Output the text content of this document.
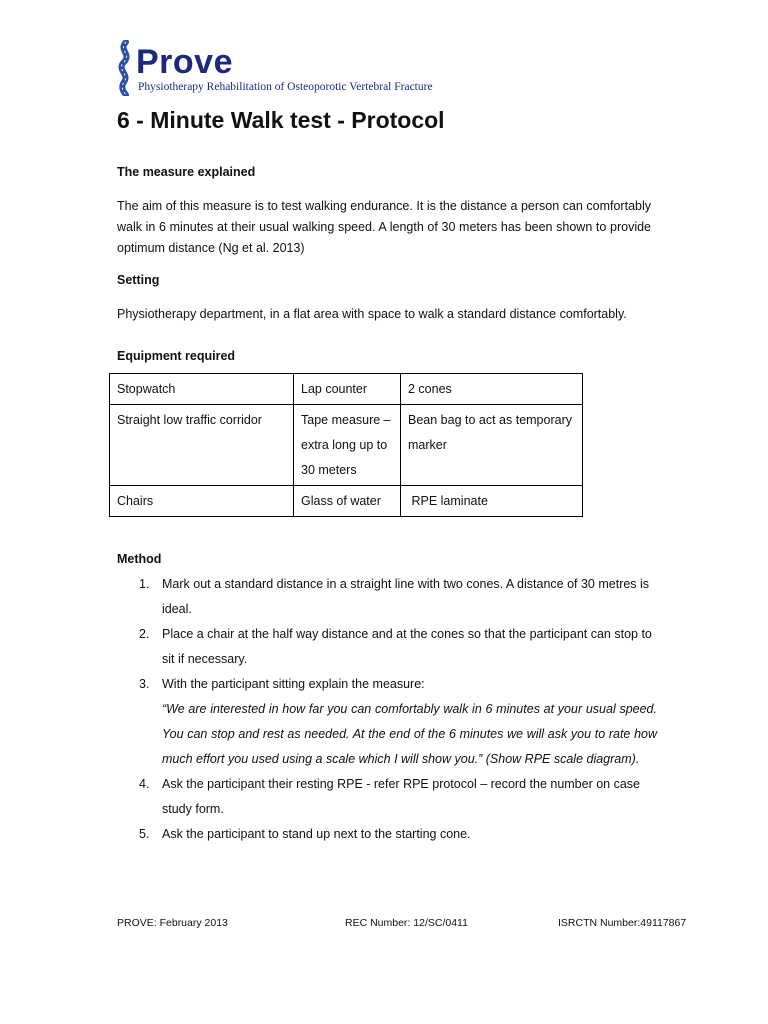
Prove
Physiotherapy Rehabilitation of Osteoporotic Vertebral Fracture
6 - Minute Walk test - Protocol
The measure explained
The aim of this measure is to test walking endurance. It is the distance a person can comfortably walk in 6 minutes at their usual walking speed. A length of 30 meters has been shown to provide optimum distance (Ng et al. 2013)
Setting
Physiotherapy department, in a flat area with space to walk a standard distance comfortably.
Equipment required
Stopwatch	Lap counter	2 cones
Straight low traffic corridor	Tape measure – extra long up to 30 meters	Bean bag to act as temporary marker
Chairs	Glass of water	RPE laminate
Method
1. Mark out a standard distance in a straight line with two cones. A distance of 30 metres is ideal.
2. Place a chair at the half way distance and at the cones so that the participant can stop to sit if necessary.
3. With the participant sitting explain the measure:
“We are interested in how far you can comfortably walk in 6 minutes at your usual speed. You can stop and rest as needed. At the end of the 6 minutes we will ask you to rate how much effort you used using a scale which I will show you.” (Show RPE scale diagram).
4. Ask the participant their resting RPE - refer RPE protocol – record the number on case study form.
5. Ask the participant to stand up next to the starting cone.
PROVE: February 2013	REC Number: 12/SC/0411	ISRCTN Number:49117867
